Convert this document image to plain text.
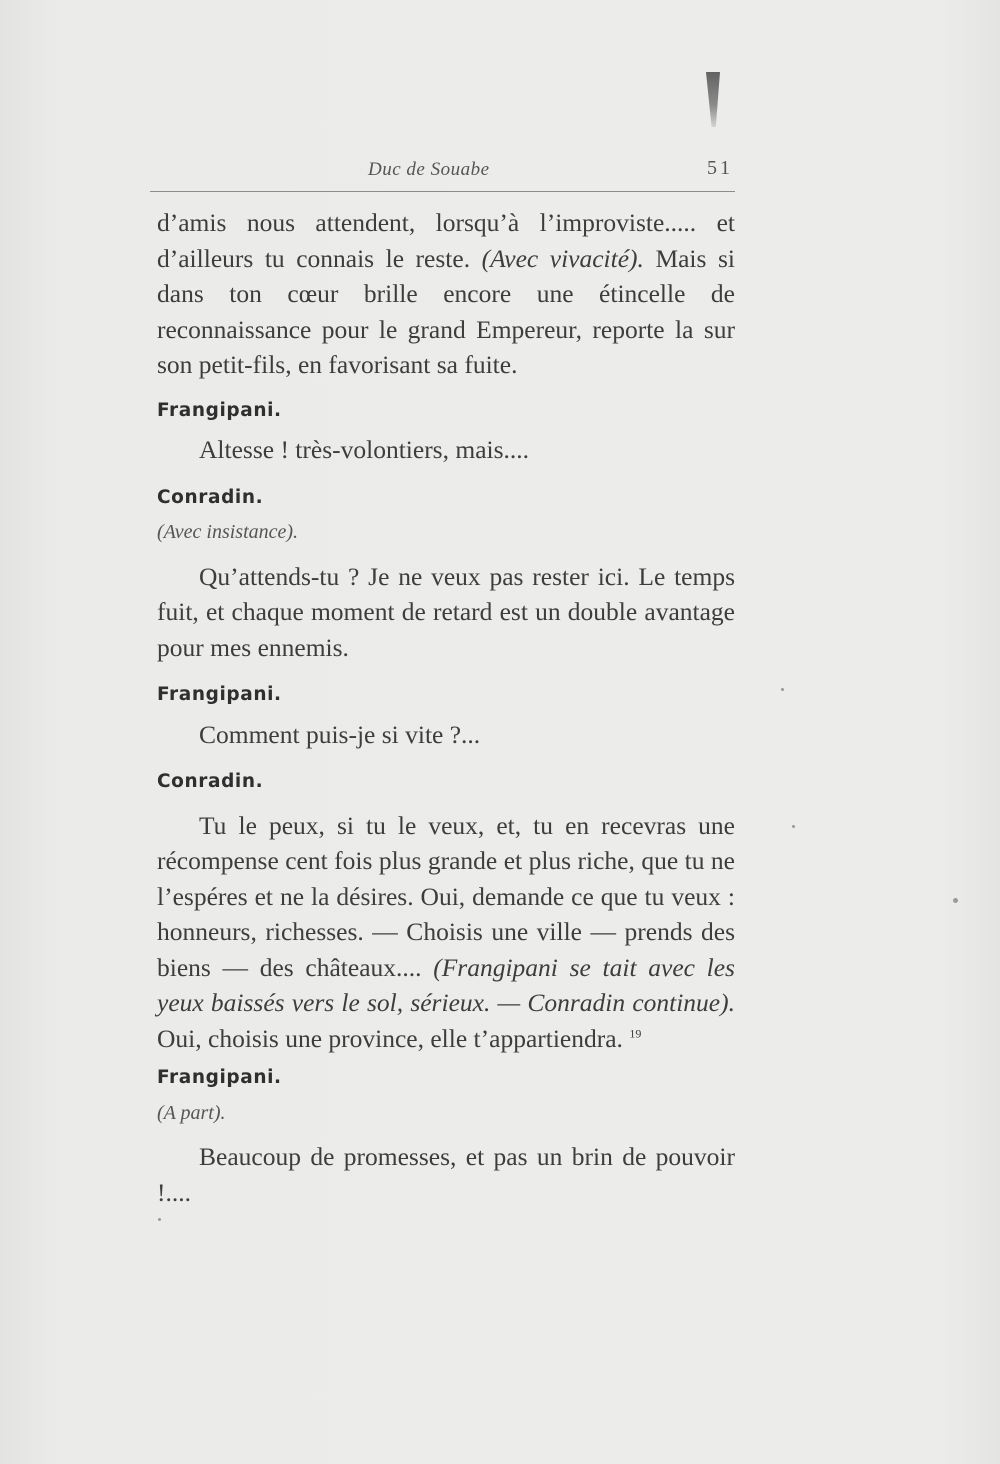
Duc de Souabe	51

d’amis nous attendent, lorsqu’à l’improviste..... et d’ailleurs tu connais le reste. (Avec vivacité). Mais si dans ton cœur brille encore une étincelle de reconnaissance pour le grand Empereur, reporte la sur son petit-fils, en favorisant sa fuite.

Frangipani.

Altesse ! très-volontiers, mais....

Conradin.

(Avec insistance).

Qu’attends-tu ? Je ne veux pas rester ici. Le temps fuit, et chaque moment de retard est un double avantage pour mes ennemis.

Frangipani.

Comment puis-je si vite ?...

Conradin.

Tu le peux, si tu le veux, et, tu en recevras une récompense cent fois plus grande et plus riche, que tu ne l’espéres et ne la désires. Oui, demande ce que tu veux : honneurs, richesses. — Choisis une ville — prends des biens — des châteaux.... (Frangipani se tait avec les yeux baissés vers le sol, sérieux. — Conradin continue). Oui, choisis une province, elle t’appartiendra. $^{19}$

Frangipani.

(A part).

Beaucoup de promesses, et pas un brin de pouvoir !....
